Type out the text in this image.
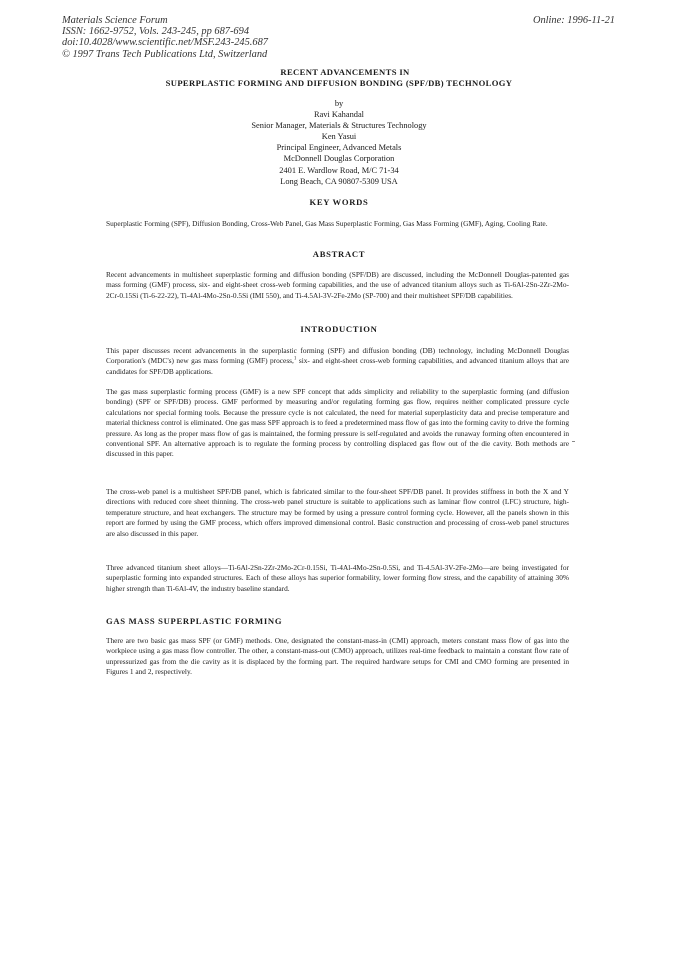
Materials Science Forum
ISSN: 1662-9752, Vols. 243-245, pp 687-694
doi:10.4028/www.scientific.net/MSF.243-245.687
© 1997 Trans Tech Publications Ltd, Switzerland
Online: 1996-11-21
RECENT ADVANCEMENTS IN
SUPERPLASTIC FORMING AND DIFFUSION BONDING (SPF/DB) TECHNOLOGY
by
Ravi Kahandal
Senior Manager, Materials & Structures Technology
Ken Yasui
Principal Engineer, Advanced Metals
McDonnell Douglas Corporation
2401 E. Wardlow Road, M/C 71-34
Long Beach, CA 90807-5309 USA
KEY WORDS
Superplastic Forming (SPF), Diffusion Bonding, Cross-Web Panel, Gas Mass Superplastic Forming, Gas Mass Forming (GMF), Aging, Cooling Rate.
ABSTRACT
Recent advancements in multisheet superplastic forming and diffusion bonding (SPF/DB) are discussed, including the McDonnell Douglas-patented gas mass forming (GMF) process, six- and eight-sheet cross-web forming capabilities, and the use of advanced titanium alloys such as Ti-6Al-2Sn-2Zr-2Mo-2Cr-0.15Si (Ti-6-22-22), Ti-4Al-4Mo-2Sn-0.5Si (IMI 550), and Ti-4.5Al-3V-2Fe-2Mo (SP-700) and their multisheet SPF/DB capabilities.
INTRODUCTION
This paper discusses recent advancements in the superplastic forming (SPF) and diffusion bonding (DB) technology, including McDonnell Douglas Corporation's (MDC's) new gas mass forming (GMF) process,$^1$ six- and eight-sheet cross-web forming capabilities, and advanced titanium alloys that are candidates for SPF/DB applications.
The gas mass superplastic forming process (GMF) is a new SPF concept that adds simplicity and reliability to the superplastic forming (and diffusion bonding) (SPF or SPF/DB) process. GMF performed by measuring and/or regulating forming gas flow, requires neither complicated pressure cycle calculations nor special forming tools. Because the pressure cycle is not calculated, the need for material superplasticity data and precise temperature and material thickness control is eliminated. One gas mass SPF approach is to feed a predetermined mass flow of gas into the forming cavity to drive the forming pressure. As long as the proper mass flow of gas is maintained, the forming pressure is self-regulated and avoids the runaway forming often encountered in conventional SPF. An alternative approach is to regulate the forming process by controlling displaced gas flow out of the die cavity. Both methods are discussed in this paper.
The cross-web panel is a multisheet SPF/DB panel, which is fabricated similar to the four-sheet SPF/DB panel. It provides stiffness in both the X and Y directions with reduced core sheet thinning. The cross-web panel structure is suitable to applications such as laminar flow control (LFC) structure, high-temperature structure, and heat exchangers. The structure may be formed by using a pressure control forming cycle. However, all the panels shown in this report are formed by using the GMF process, which offers improved dimensional control. Basic construction and processing of cross-web panel structures are also discussed in this paper.
Three advanced titanium sheet alloys—Ti-6Al-2Sn-2Zr-2Mo-2Cr-0.15Si, Ti-4Al-4Mo-2Sn-0.5Si, and Ti-4.5Al-3V-2Fe-2Mo—are being investigated for superplastic forming into expanded structures. Each of these alloys has superior formability, lower forming flow stress, and the capability of attaining 30% higher strength than Ti-6Al-4V, the industry baseline standard.
GAS MASS SUPERPLASTIC FORMING
There are two basic gas mass SPF (or GMF) methods. One, designated the constant-mass-in (CMI) approach, meters constant mass flow of gas into the workpiece using a gas mass flow controller. The other, a constant-mass-out (CMO) approach, utilizes real-time feedback to maintain a constant flow rate of unpressurized gas from the die cavity as it is displaced by the forming part. The required hardware setups for CMI and CMO forming are presented in Figures 1 and 2, respectively.
